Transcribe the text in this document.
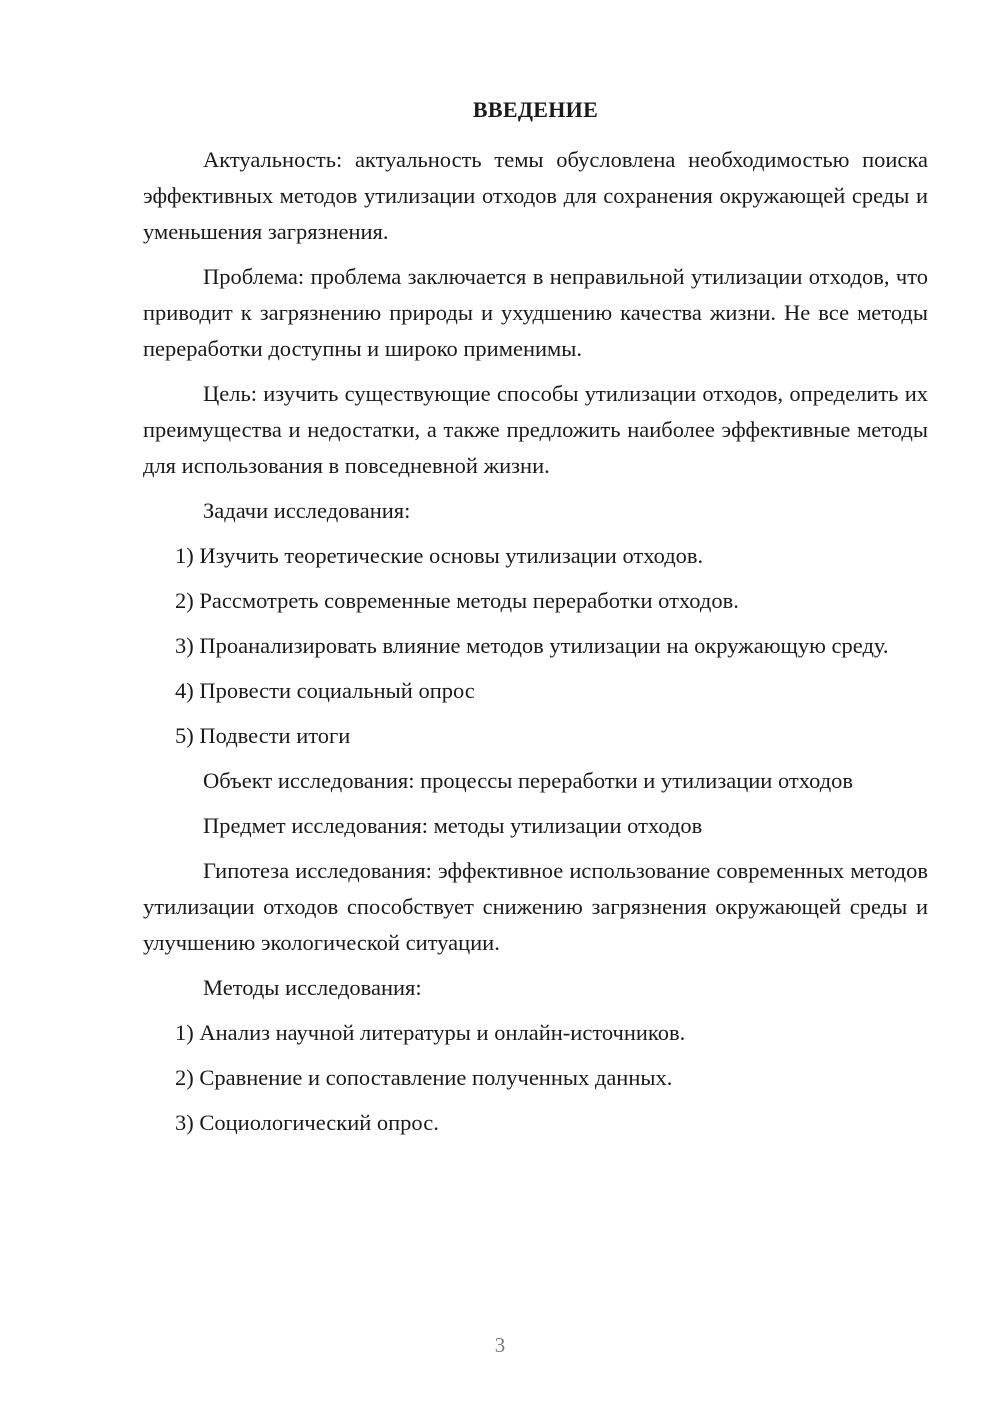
ВВЕДЕНИЕ

Актуальность: актуальность темы обусловлена необходимостью поиска эффективных методов утилизации отходов для сохранения окружающей среды и уменьшения загрязнения.

Проблема: проблема заключается в неправильной утилизации отходов, что приводит к загрязнению природы и ухудшению качества жизни. Не все методы переработки доступны и широко применимы.

Цель: изучить существующие способы утилизации отходов, определить их преимущества и недостатки, а также предложить наиболее эффективные методы для использования в повседневной жизни.

Задачи исследования:

1) Изучить теоретические основы утилизации отходов.

2) Рассмотреть современные методы переработки отходов.

3) Проанализировать влияние методов утилизации на окружающую среду.

4) Провести социальный опрос

5) Подвести итоги

Объект исследования: процессы переработки и утилизации отходов

Предмет исследования: методы утилизации отходов

Гипотеза исследования: эффективное использование современных методов утилизации отходов способствует снижению загрязнения окружающей среды и улучшению экологической ситуации.

Методы исследования:

1) Анализ научной литературы и онлайн-источников.

2) Сравнение и сопоставление полученных данных.

3) Социологический опрос.

3
